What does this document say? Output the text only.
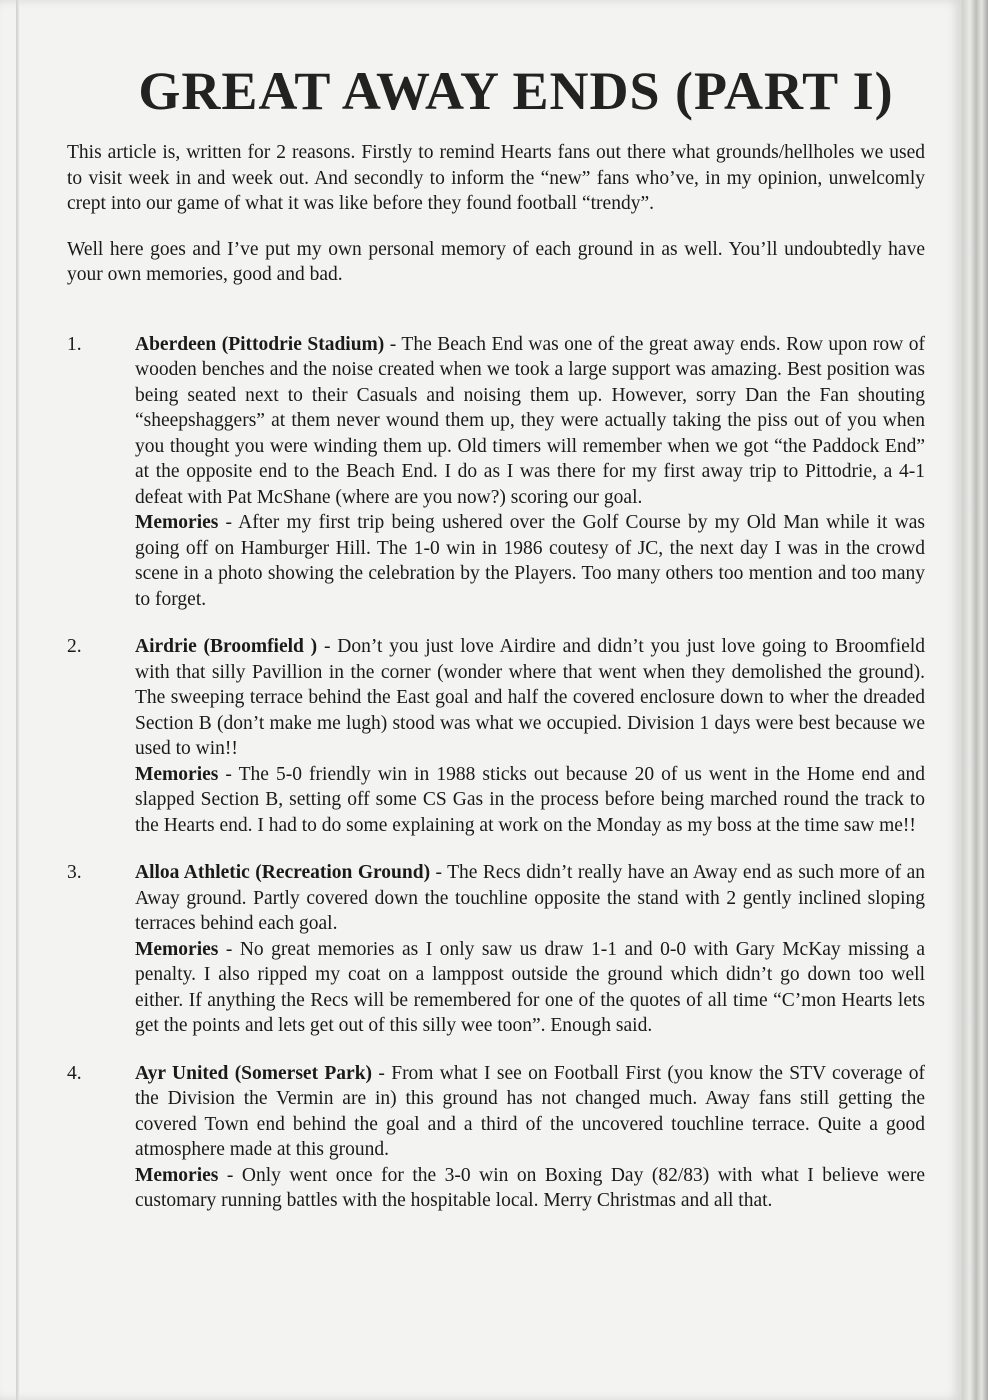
GREAT AWAY ENDS (PART I)

This article is, written for 2 reasons. Firstly to remind Hearts fans out there what grounds/hellholes we used to visit week in and week out. And secondly to inform the “new” fans who’ve, in my opinion, unwelcomly crept into our game of what it was like before they found football “trendy”.

Well here goes and I’ve put my own personal memory of each ground in as well. You’ll undoubtedly have your own memories, good and bad.

1.	Aberdeen (Pittodrie Stadium) - The Beach End was one of the great away ends. Row upon row of wooden benches and the noise created when we took a large support was amazing. Best position was being seated next to their Casuals and noising them up. However, sorry Dan the Fan shouting “sheepshaggers” at them never wound them up, they were actually taking the piss out of you when you thought you were winding them up. Old timers will remember when we got “the Paddock End” at the opposite end to the Beach End. I do as I was there for my first away trip to Pittodrie, a 4-1 defeat with Pat McShane (where are you now?) scoring our goal.

Memories - After my first trip being ushered over the Golf Course by my Old Man while it was going off on Hamburger Hill. The 1-0 win in 1986 coutesy of JC, the next day I was in the crowd scene in a photo showing the celebration by the Players. Too many others too mention and too many to forget.

2.	Airdrie (Broomfield ) - Don’t you just love Airdire and didn’t you just love going to Broomfield with that silly Pavillion in the corner (wonder where that went when they demolished the ground). The sweeping terrace behind the East goal and half the covered enclosure down to wher the dreaded Section B (don’t make me lugh) stood was what we occupied. Division 1 days were best because we used to win!!

Memories - The 5-0 friendly win in 1988 sticks out because 20 of us went in the Home end and slapped Section B, setting off some CS Gas in the process before being marched round the track to the Hearts end. I had to do some explaining at work on the Monday as my boss at the time saw me!!

3.	Alloa Athletic (Recreation Ground) - The Recs didn’t really have an Away end as such more of an Away ground. Partly covered down the touchline opposite the stand with 2 gently inclined sloping terraces behind each goal.

Memories - No great memories as I only saw us draw 1-1 and 0-0 with Gary McKay missing a penalty. I also ripped my coat on a lamppost outside the ground which didn’t go down too well either. If anything the Recs will be remembered for one of the quotes of all time “C’mon Hearts lets get the points and lets get out of this silly wee toon”. Enough said.

4.	Ayr United (Somerset Park) - From what I see on Football First (you know the STV coverage of the Division the Vermin are in) this ground has not changed much. Away fans still getting the covered Town end behind the goal and a third of the uncovered touchline terrace. Quite a good atmosphere made at this ground.

Memories - Only went once for the 3-0 win on Boxing Day (82/83) with what I believe were customary running battles with the hospitable local. Merry Christmas and all that.
